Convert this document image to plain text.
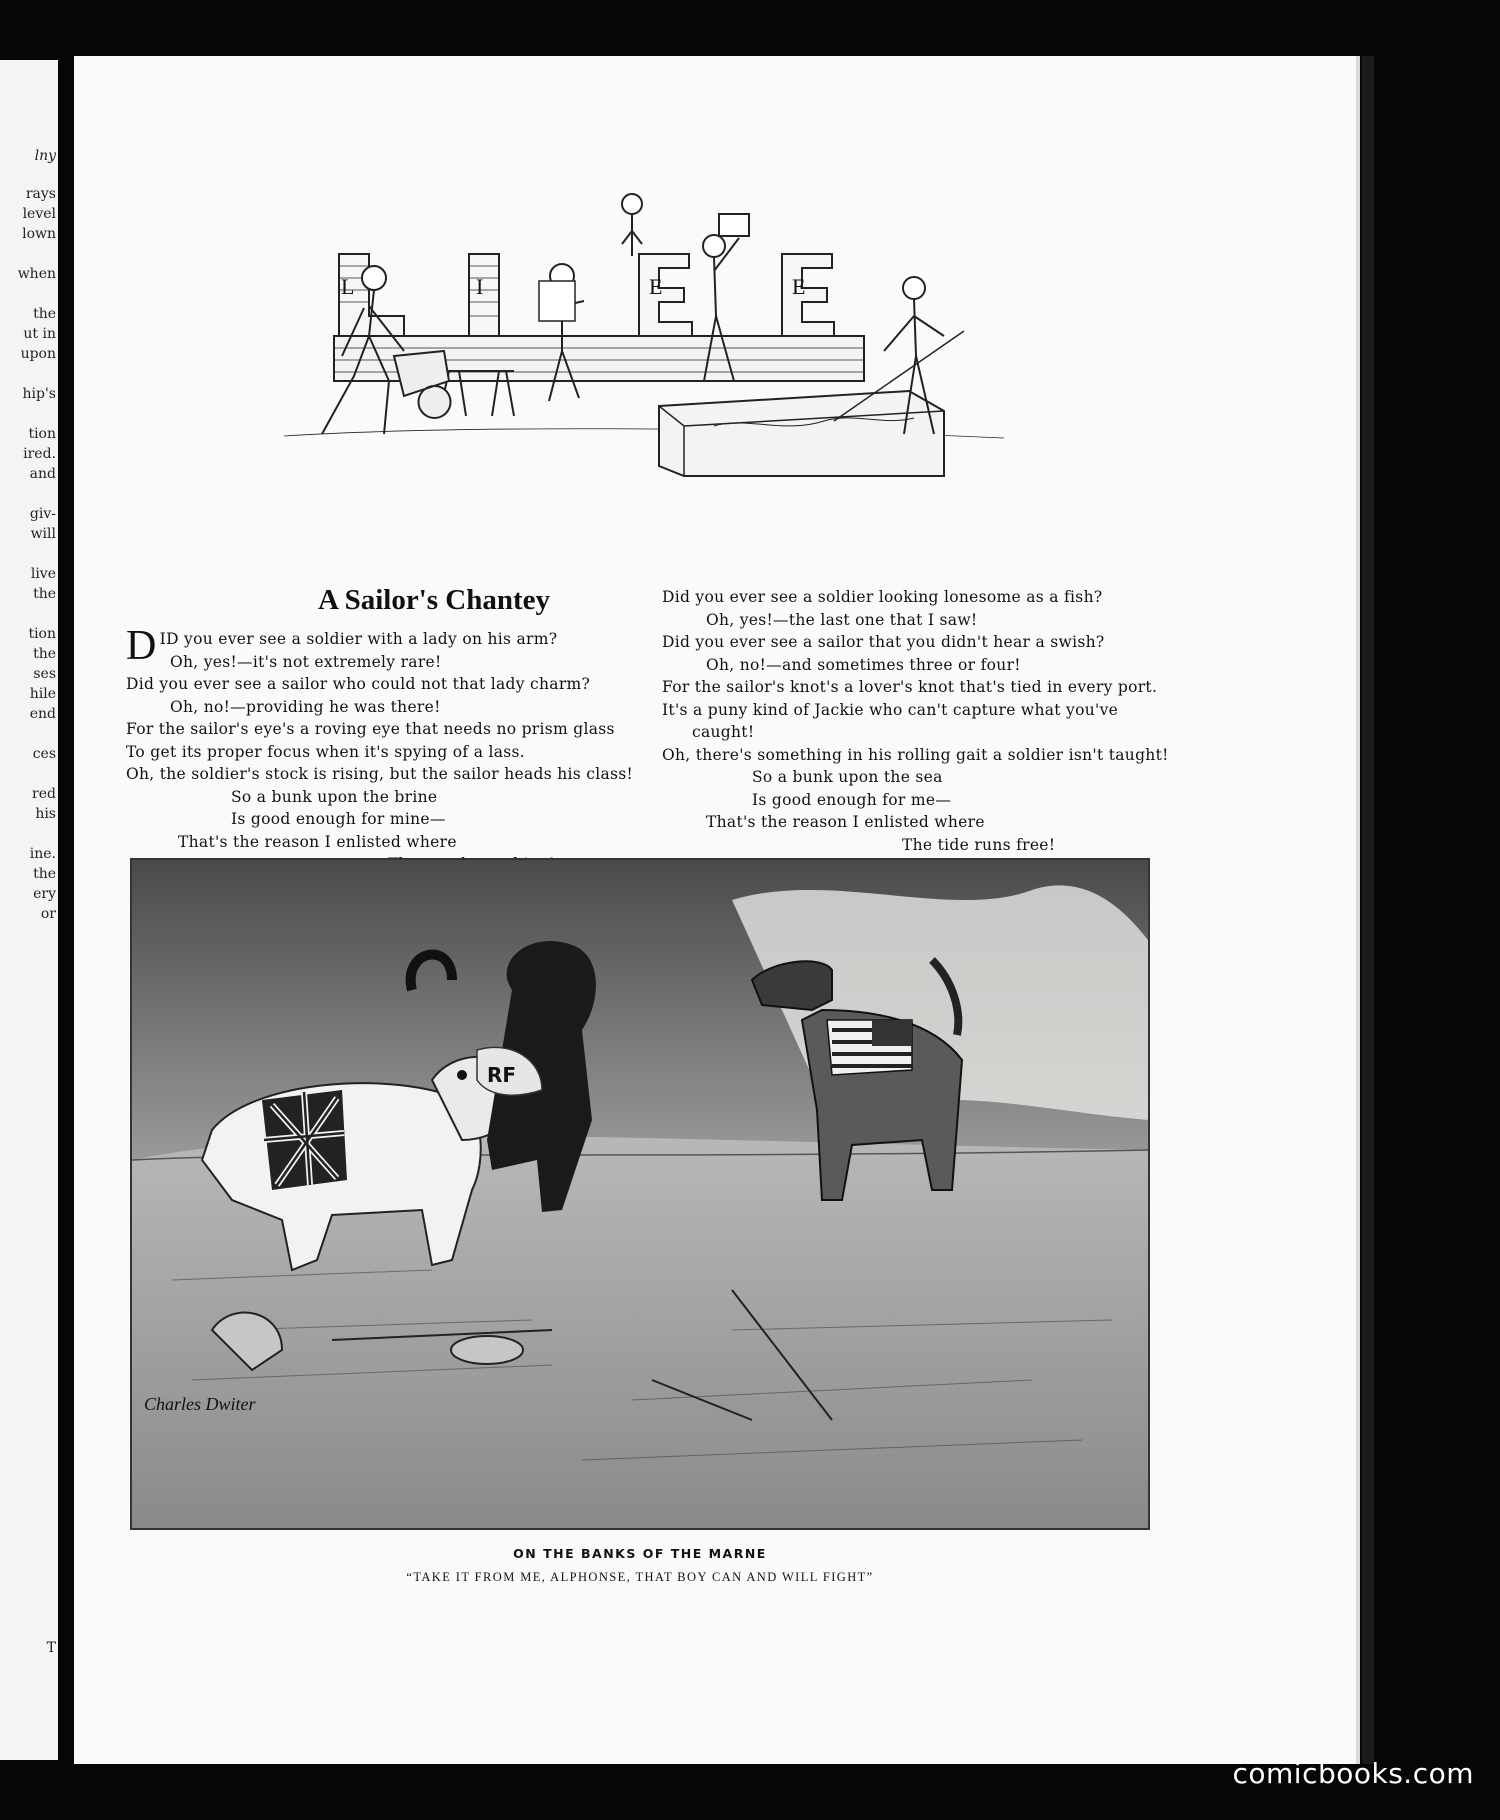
lny
rays
level
lown
when
the
ut in
upon
hip's
tion
ired.
and
giv-
will
live
the
tion
the
ses
hile
end
ces
red
his
ine.
the
ery
or
T
L	I	E	E
A Sailor's Chantey
D ID you ever see a soldier with a lady on his arm?
Oh, yes!—it's not extremely rare!
Did you ever see a sailor who could not that lady charm?
Oh, no!—providing he was there!
For the sailor's eye's a roving eye that needs no prism glass
To get its proper focus when it's spying of a lass.
Oh, the soldier's stock is rising, but the sailor heads his class!
So a bunk upon the brine
Is good enough for mine—
That's the reason I enlisted where
Did you ever see a soldier looking lonesome as a fish?
Oh, yes!—the last one that I saw!
Did you ever see a sailor that you didn't hear a swish?
Oh, no!—and sometimes three or four!
For the sailor's knot's a lover's knot that's tied in every port.
It's a puny kind of Jackie who can't capture what you've
caught!
Oh, there's something in his rolling gait a soldier isn't taught!
So a bunk upon the sea
Is good enough for me—
That's the reason I enlisted where
The tide runs free!
RF
Charles Dwiter
ON THE BANKS OF THE MARNE
“TAKE IT FROM ME, ALPHONSE, THAT BOY CAN AND WILL FIGHT”
comicbooks.com
